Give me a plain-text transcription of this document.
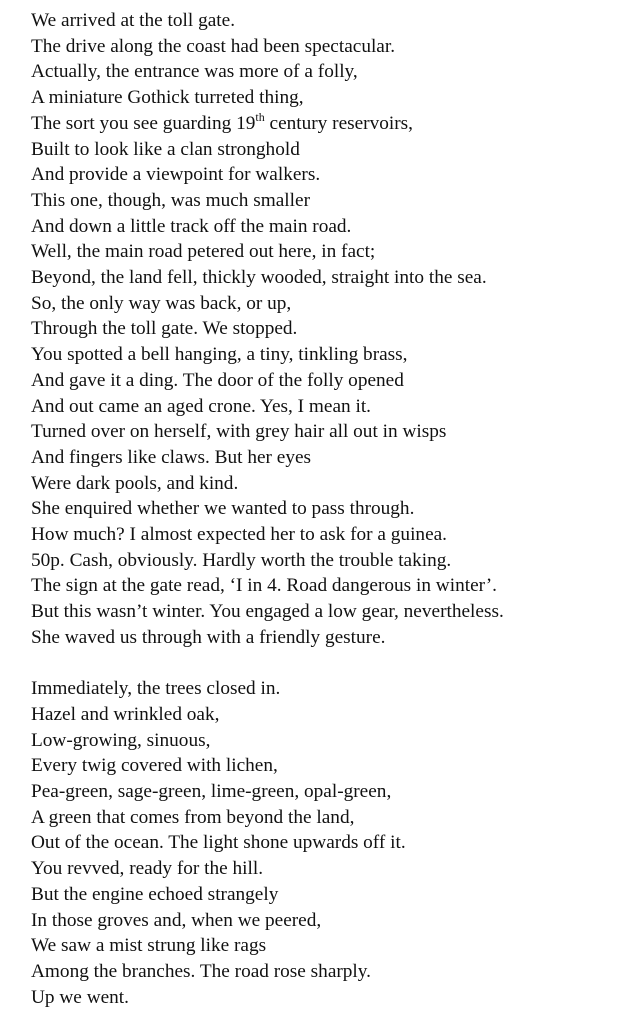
We arrived at the toll gate.
The drive along the coast had been spectacular.
Actually, the entrance was more of a folly,
A miniature Gothick turreted thing,
The sort you see guarding 19th century reservoirs,
Built to look like a clan stronghold
And provide a viewpoint for walkers.
This one, though, was much smaller
And down a little track off the main road.
Well, the main road petered out here, in fact;
Beyond, the land fell, thickly wooded, straight into the sea.
So, the only way was back, or up,
Through the toll gate. We stopped.
You spotted a bell hanging, a tiny, tinkling brass,
And gave it a ding. The door of the folly opened
And out came an aged crone. Yes, I mean it.
Turned over on herself, with grey hair all out in wisps
And fingers like claws. But her eyes
Were dark pools, and kind.
She enquired whether we wanted to pass through.
How much? I almost expected her to ask for a guinea.
50p. Cash, obviously. Hardly worth the trouble taking.
The sign at the gate read, ‘I in 4. Road dangerous in winter’.
But this wasn’t winter. You engaged a low gear, nevertheless.
She waved us through with a friendly gesture.
Immediately, the trees closed in.
Hazel and wrinkled oak,
Low-growing, sinuous,
Every twig covered with lichen,
Pea-green, sage-green, lime-green, opal-green,
A green that comes from beyond the land,
Out of the ocean. The light shone upwards off it.
You revved, ready for the hill.
But the engine echoed strangely
In those groves and, when we peered,
We saw a mist strung like rags
Among the branches. The road rose sharply.
Up we went.
